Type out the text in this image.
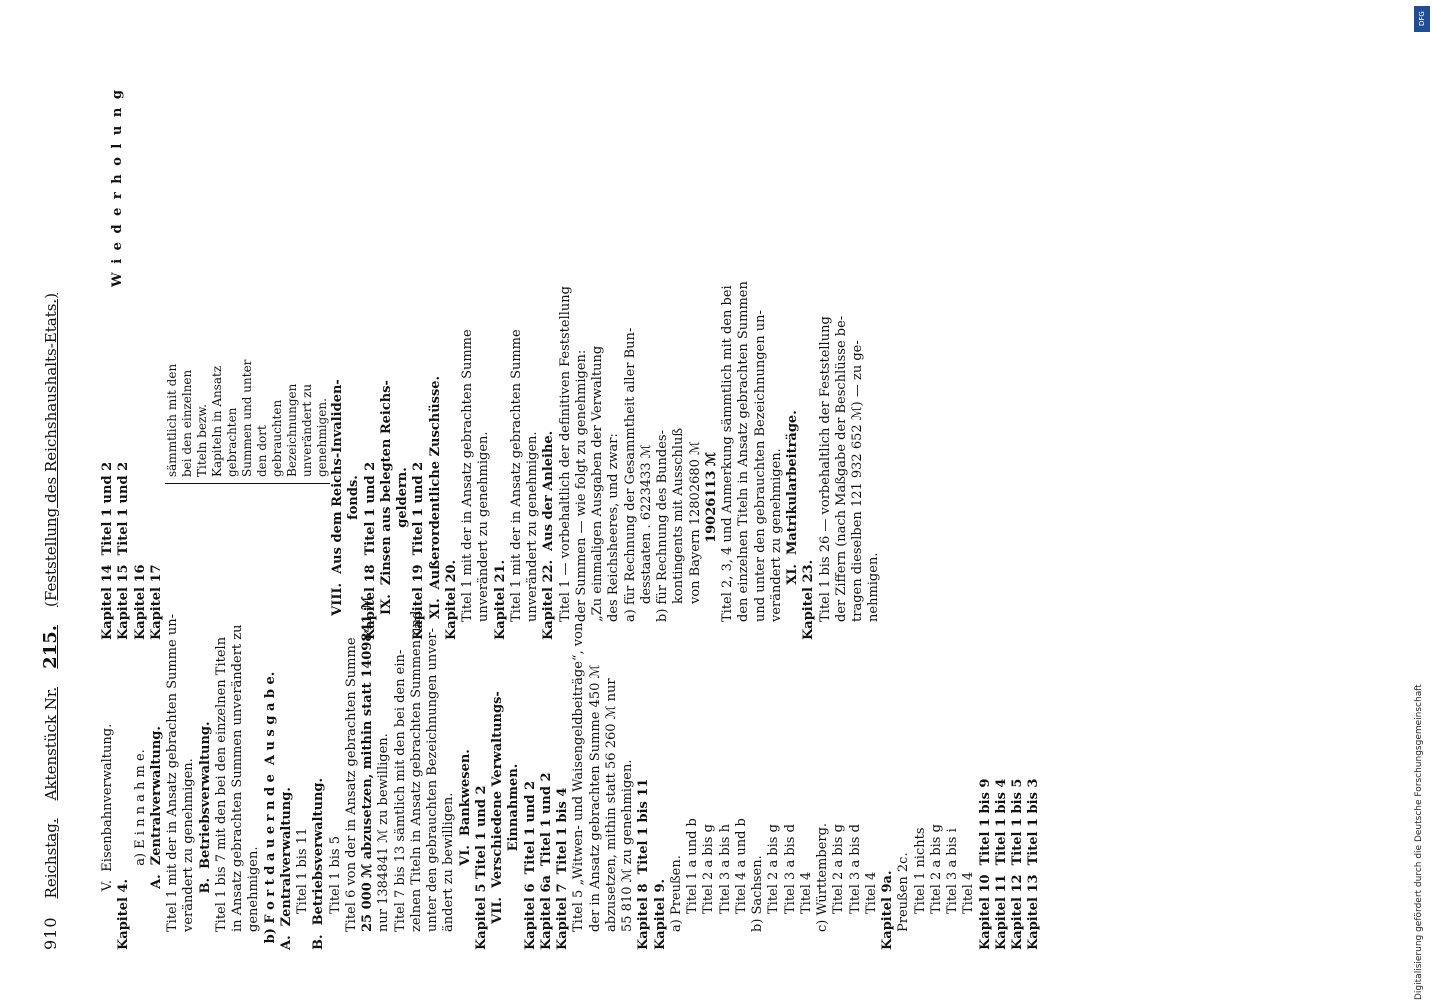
910
Reichstag.
Aktenstück Nr.
215.
(Feststellung des Reichshaushalts-Etats.)
V.  Eisenbahnverwaltung.
Kapitel 4.
a) E i n n a h m e. A.  Zentralverwaltung. Titel 1 mit der in Ansatz gebrachten Summe un- verändert zu genehmigen. B.  Betriebsverwaltung. Titel 1 bis 7 mit den bei den einzelnen Titeln in Ansatz gebrachten Summen unverändert zu genehmigen. b) F o r t d a u e r n d e  A u s g a b e. A.  Zentralverwaltung. Titel 1 bis 11 B.  Betriebsverwaltung. Titel 1 bis 5 Titel 6 von der in Ansatz gebrachten Summe 25 000 ℳ abzusetzen, mithin statt 1409841 ℳ nur 1384841 ℳ zu bewilligen. Titel 7 bis 13 sämtlich mit den bei den ein- zelnen Titeln in Ansatz gebrachten Summen und unter den gebrauchten Bezeichnungen unver- ändert zu bewilligen. VI.  Bankwesen. Kapitel 5 Titel 1 und 2 VII.  Verschiedene Verwaltungs- Einnahmen. Kapitel 6  Titel 1 und 2 Kapitel 6a  Titel 1 und 2 Kapitel 7  Titel 1 bis 4 Titel 5 „Witwen- und Waisengeldbeiträge“, von der in Ansatz gebrachten Summe 450 ℳ abzusetzen, mithin statt 56 260 ℳ nur 55 810 ℳ zu genehmigen. Kapitel 8  Titel 1 bis 11 Kapitel 9. a) Preußen. Titel 1 a und b Titel 2 a bis g Titel 3 a bis h Titel 4 a und b b) Sachsen. Titel 2 a bis g Titel 3 a bis d Titel 4 c) Württemberg. Titel 2 a bis g Titel 3 a bis d Titel 4 Kapitel 9a. Preußen 2c. Titel 1 nichts Titel 2 a bis g Titel 3 a bis i Titel 4 Kapitel 10  Titel 1 bis 9 Kapitel 11  Titel 1 bis 4 Kapitel 12  Titel 1 bis 5 Kapitel 13  Titel 1 bis 3
Kapitel 14  Titel 1 und 2 Kapitel 15  Titel 1 und 2 Kapitel 16 Kapitel 17
sämmtlich mit den bei den einzelnen Titeln bezw. Kapiteln in Ansatz gebrachten Summen und unter den dort gebrauchten Bezeichnungen unverändert zu genehmigen. VIII.  Aus dem Reichs-Invaliden- fonds. Kapitel 18  Titel 1 und 2 IX.  Zinsen aus belegten Reichs- geldern. Kapitel 19  Titel 1 und 2 XI.  Außerordentliche Zuschüsse. Kapitel 20. Titel 1 mit der in Ansatz gebrachten Summe unverändert zu genehmigen. Kapitel 21. Titel 1 mit der in Ansatz gebrachten Summe unverändert zu genehmigen. Kapitel 22.  Aus der Anleihe. Titel 1 — vorbehaltlich der definitiven Feststellung der Summen — wie folgt zu genehmigen: „Zu einmaligen Ausgaben der Verwaltung des Reichsheeres, und zwar: a) für Rechnung der Gesammtheit aller Bun- desstaaten . 6223433 ℳ b) für Rechnung des Bundes- kontingents mit Ausschluß von Bayern 12802680 ℳ 19026113 ℳ Titel 2, 3, 4 und Anmerkung sämmtlich mit den bei den einzelnen Titeln in Ansatz gebrachten Summen und unter den gebrauchten Bezeichnungen un- verändert zu genehmigen. XI.  Matrikularbeiträge.
Kapitel 23. Titel 1 bis 26 — vorbehaltlich der Feststellung der Ziffern (nach Maßgabe der Beschlüsse be- tragen dieselben 121 932 652 ℳ) — zu ge- nehmigen.
W i e d e r h o l u n g
DFG
Digitalisierung gefördert durch die Deutsche Forschungsgemeinschaft
